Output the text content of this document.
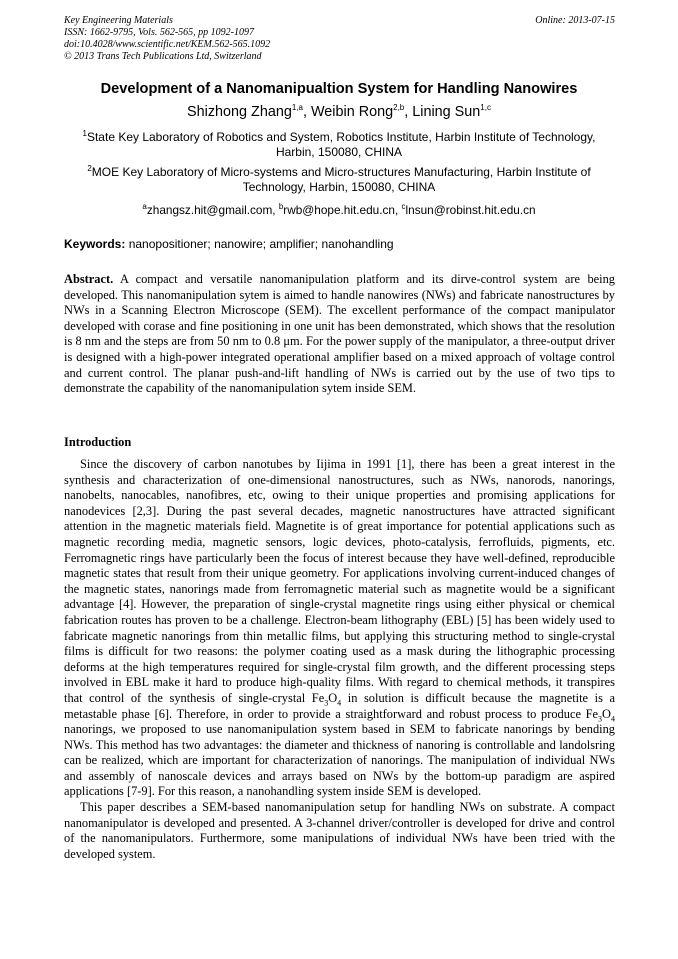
Key Engineering Materials
ISSN: 1662-9795, Vols. 562-565, pp 1092-1097
doi:10.4028/www.scientific.net/KEM.562-565.1092
© 2013 Trans Tech Publications Ltd, Switzerland
Online: 2013-07-15
Development of a Nanomanipualtion System for Handling Nanowires
Shizhong Zhang$^{1,a}$, Weibin Rong$^{2,b}$, Lining Sun$^{1,c}$
$^1$State Key Laboratory of Robotics and System, Robotics Institute, Harbin Institute of Technology, Harbin, 150080, CHINA
$^2$MOE Key Laboratory of Micro-systems and Micro-structures Manufacturing, Harbin Institute of Technology, Harbin, 150080, CHINA
$^a$zhangsz.hit@gmail.com, $^b$rwb@hope.hit.edu.cn, $^c$lnsun@robinst.hit.edu.cn
Keywords: nanopositioner; nanowire; amplifier; nanohandling
Abstract. A compact and versatile nanomanipulation platform and its dirve-control system are being developed. This nanomanipulation sytem is aimed to handle nanowires (NWs) and fabricate nanostructures by NWs in a Scanning Electron Microscope (SEM). The excellent performance of the compact manipulator developed with corase and fine positioning in one unit has been demonstrated, which shows that the resolution is 8 nm and the steps are from 50 nm to 0.8 μm. For the power supply of the manipulator, a three-output driver is designed with a high-power integrated operational amplifier based on a mixed approach of voltage control and current control. The planar push-and-lift handling of NWs is carried out by the use of two tips to demonstrate the capability of the nanomanipulation sytem inside SEM.
Introduction

Since the discovery of carbon nanotubes by Iijima in 1991 [1], there has been a great interest in the synthesis and characterization of one-dimensional nanostructures, such as NWs, nanorods, nanorings, nanobelts, nanocables, nanofibres, etc, owing to their unique properties and promising applications for nanodevices [2,3]. During the past several decades, magnetic nanostructures have attracted significant attention in the magnetic materials field. Magnetite is of great importance for potential applications such as magnetic recording media, magnetic sensors, logic devices, photo-catalysis, ferrofluids, pigments, etc. Ferromagnetic rings have particularly been the focus of interest because they have well-defined, reproducible magnetic states that result from their unique geometry. For applications involving current-induced changes of the magnetic states, nanorings made from ferromagnetic material such as magnetite would be a significant advantage [4]. However, the preparation of single-crystal magnetite rings using either physical or chemical fabrication routes has proven to be a challenge. Electron-beam lithography (EBL) [5] has been widely used to fabricate magnetic nanorings from thin metallic films, but applying this structuring method to single-crystal films is difficult for two reasons: the polymer coating used as a mask during the lithographic processing deforms at the high temperatures required for single-crystal film growth, and the different processing steps involved in EBL make it hard to produce high-quality films. With regard to chemical methods, it transpires that control of the synthesis of single-crystal $Fe_3O_4$ in solution is difficult because the magnetite is a metastable phase [6]. Therefore, in order to provide a straightforward and robust process to produce $Fe_3O_4$ nanorings, we proposed to use nanomanipulation system based in SEM to fabricate nanorings by bending NWs. This method has two advantages: the diameter and thickness of nanoring is controllable and landolsring can be realized, which are important for characterization of nanorings. The manipulation of individual NWs and assembly of nanoscale devices and arrays based on NWs by the bottom-up paradigm are aspired applications [7-9]. For this reason, a nanohandling system inside SEM is developed.

This paper describes a SEM-based nanomanipulation setup for handling NWs on substrate. A compact nanomanipulator is developed and presented. A 3-channel driver/controller is developed for drive and control of the nanomanipulators. Furthermore, some manipulations of individual NWs have been tried with the developed system.
